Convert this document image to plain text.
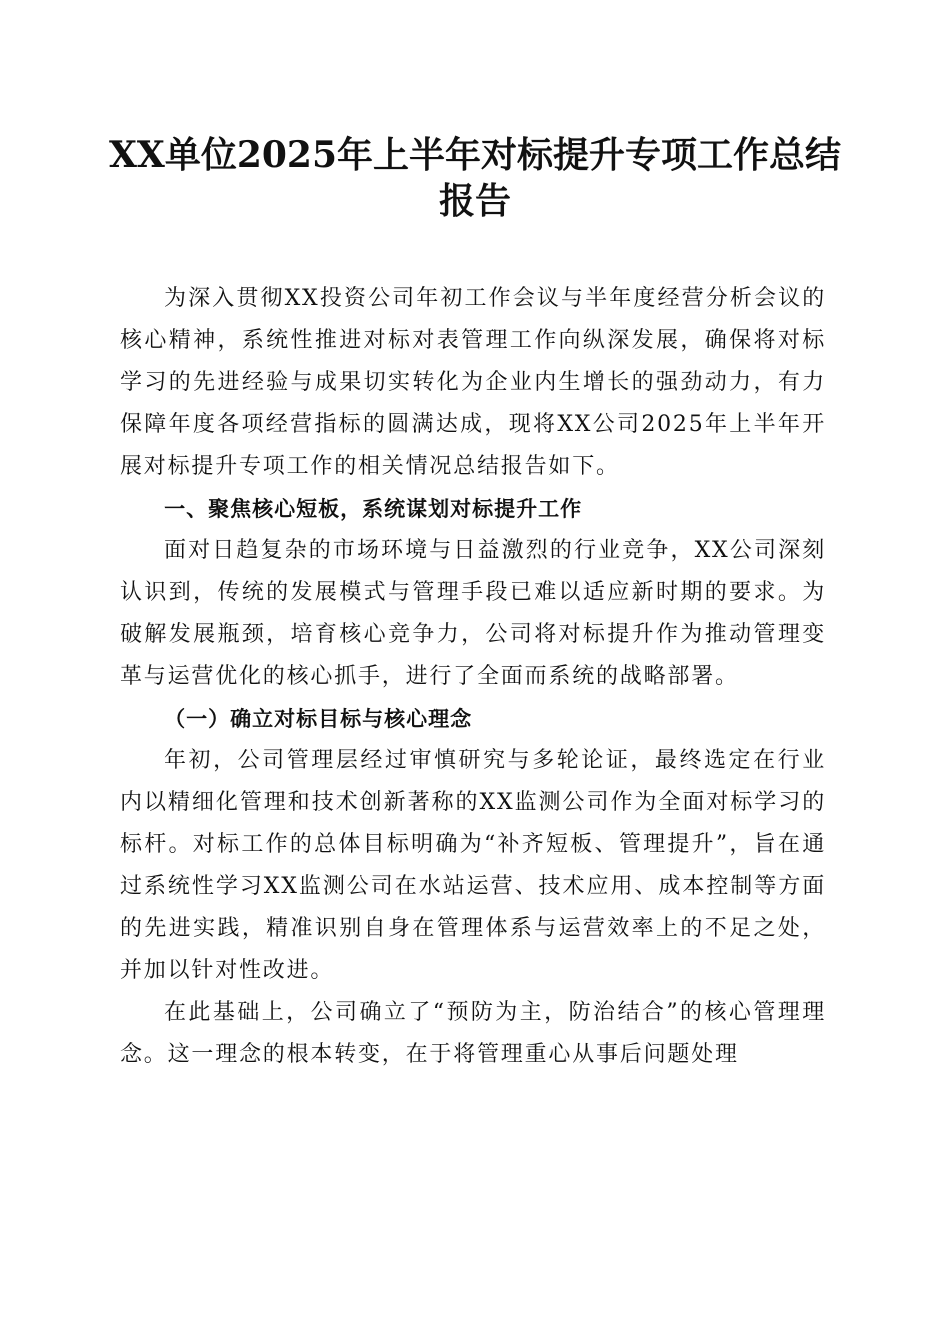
XX单位2025年上半年对标提升专项工作总结
报告

为深入贯彻XX投资公司年初工作会议与半年度经营分析会议的核心精神，系统性推进对标对表管理工作向纵深发展，确保将对标学习的先进经验与成果切实转化为企业内生增长的强劲动力，有力保障年度各项经营指标的圆满达成，现将XX公司2025年上半年开展对标提升专项工作的相关情况总结报告如下。

一、聚焦核心短板，系统谋划对标提升工作

面对日趋复杂的市场环境与日益激烈的行业竞争，XX公司深刻认识到，传统的发展模式与管理手段已难以适应新时期的要求。为破解发展瓶颈，培育核心竞争力，公司将对标提升作为推动管理变革与运营优化的核心抓手，进行了全面而系统的战略部署。

（一）确立对标目标与核心理念

年初，公司管理层经过审慎研究与多轮论证，最终选定在行业内以精细化管理和技术创新著称的XX监测公司作为全面对标学习的标杆。对标工作的总体目标明确为“补齐短板、管理提升”，旨在通过系统性学习XX监测公司在水站运营、技术应用、成本控制等方面的先进实践，精准识别自身在管理体系与运营效率上的不足之处，并加以针对性改进。

在此基础上，公司确立了“预防为主，防治结合”的核心管理理念。这一理念的根本转变，在于将管理重心从事后问题处理
